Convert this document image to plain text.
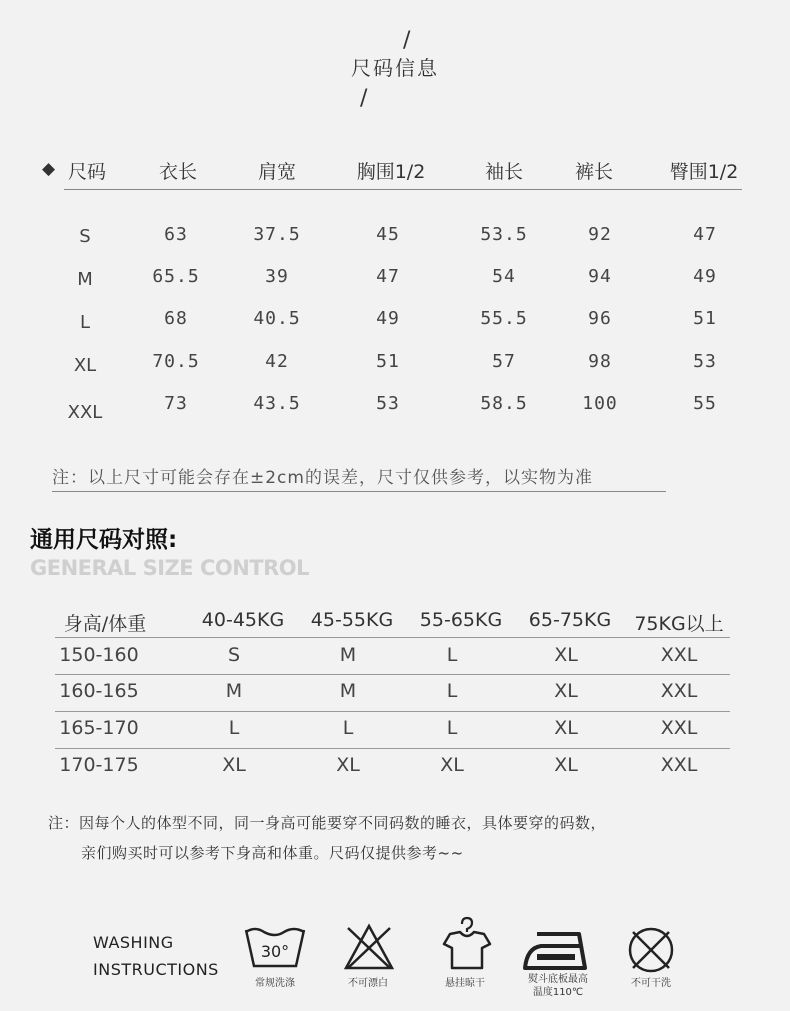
/
尺码信息
/
◆ 尺码	衣长	肩宽	胸围1/2	袖长	裤长	臀围1/2
S	63	37.5	45	53.5	92	47
M	65.5	39	47	54	94	49
L	68	40.5	49	55.5	96	51
XL	70.5	42	51	57	98	53
XXL	73	43.5	53	58.5	100	55
注：以上尺寸可能会存在±2cm的误差，尺寸仅供参考，以实物为准
通用尺码对照:
GENERAL SIZE CONTROL
身高/体重	40-45KG	45-55KG	55-65KG	65-75KG	75KG以上
150-160	S	M	L	XL	XXL
160-165	M	M	L	XL	XXL
165-170	L	L	L	XL	XXL
170-175	XL	XL	XL	XL	XXL
注：因每个人的体型不同，同一身高可能要穿不同码数的睡衣，具体要穿的码数，
亲们购买时可以参考下身高和体重。尺码仅提供参考~~
WASHING
INSTRUCTIONS
30°
常规洗涤	不可漂白	悬挂晾干	熨斗底板最高
温度110℃
不可干洗
